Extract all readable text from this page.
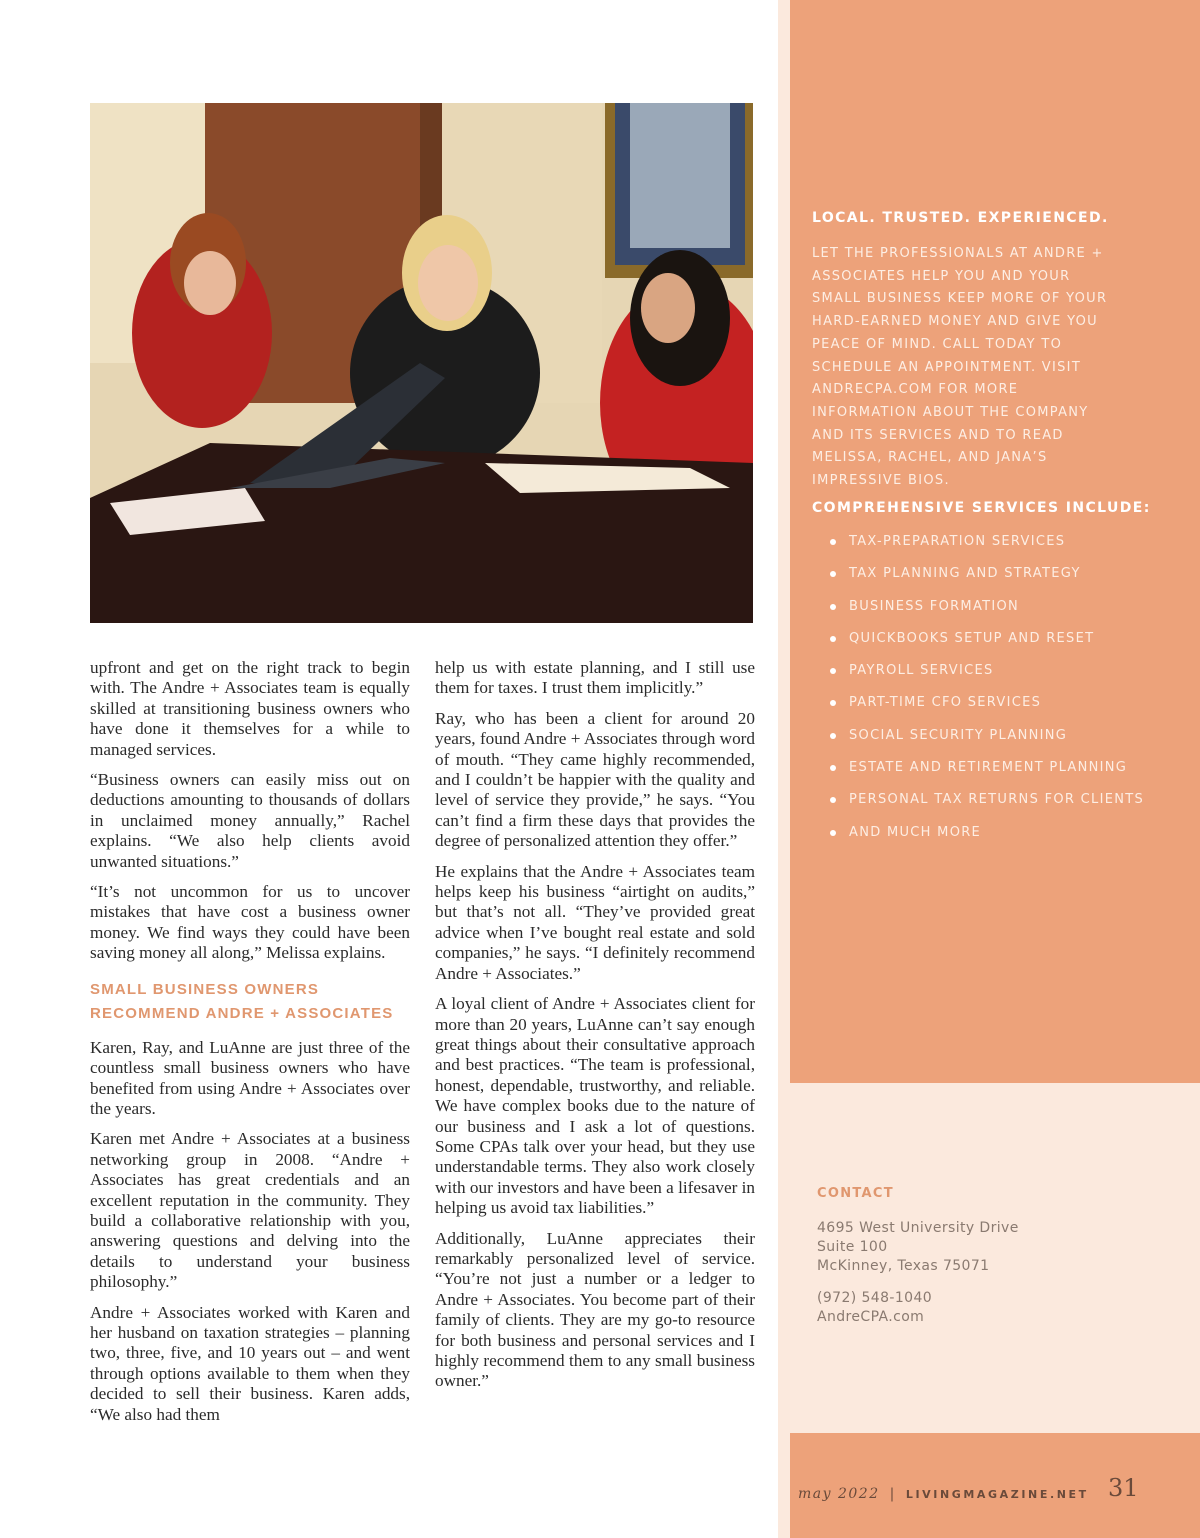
upfront and get on the right track to begin with. The Andre + Associates team is equally skilled at transitioning business owners who have done it themselves for a while to managed services.

“Business owners can easily miss out on deductions amounting to thousands of dollars in unclaimed money annually,” Rachel explains. “We also help clients avoid unwanted situations.”

“It’s not uncommon for us to uncover mistakes that have cost a business owner money. We find ways they could have been saving money all along,” Melissa explains.

SMALL BUSINESS OWNERS RECOMMEND ANDRE + ASSOCIATES

Karen, Ray, and LuAnne are just three of the countless small business owners who have benefited from using Andre + Associates over the years.

Karen met Andre + Associates at a business networking group in 2008. “Andre + Associates has great credentials and an excellent reputation in the community. They build a collaborative relationship with you, answering questions and delving into the details to understand your business philosophy.”

Andre + Associates worked with Karen and her husband on taxation strategies – planning two, three, five, and 10 years out – and went through options available to them when they decided to sell their business. Karen adds, “We also had them

help us with estate planning, and I still use them for taxes. I trust them implicitly.”

Ray, who has been a client for around 20 years, found Andre + Associates through word of mouth. “They came highly recommended, and I couldn’t be happier with the quality and level of service they provide,” he says. “You can’t find a firm these days that provides the degree of personalized attention they offer.”

He explains that the Andre + Associates team helps keep his business “airtight on audits,” but that’s not all. “They’ve provided great advice when I’ve bought real estate and sold companies,” he says. “I definitely recommend Andre + Associates.”

A loyal client of Andre + Associates client for more than 20 years, LuAnne can’t say enough great things about their consultative approach and best practices. “The team is professional, honest, dependable, trustworthy, and reliable. We have complex books due to the nature of our business and I ask a lot of questions. Some CPAs talk over your head, but they use understandable terms. They also work closely with our investors and have been a lifesaver in helping us avoid tax liabilities.”

Additionally, LuAnne appreciates their remarkably personalized level of service. “You’re not just a number or a ledger to Andre + Associates. You become part of their family of clients. They are my go-to resource for both business and personal services and I highly recommend them to any small business owner.”

LOCAL. TRUSTED. EXPERIENCED.
LET THE PROFESSIONALS AT ANDRE + ASSOCIATES HELP YOU AND YOUR SMALL BUSINESS KEEP MORE OF YOUR HARD-EARNED MONEY AND GIVE YOU PEACE OF MIND. CALL TODAY TO SCHEDULE AN APPOINTMENT. VISIT ANDRECPA.COM FOR MORE INFORMATION ABOUT THE COMPANY AND ITS SERVICES AND TO READ MELISSA, RACHEL, AND JANA’S IMPRESSIVE BIOS.
COMPREHENSIVE SERVICES INCLUDE:
TAX-PREPARATION SERVICES
TAX PLANNING AND STRATEGY
BUSINESS FORMATION
QUICKBOOKS SETUP AND RESET
PAYROLL SERVICES
PART-TIME CFO SERVICES
SOCIAL SECURITY PLANNING
ESTATE AND RETIREMENT PLANNING
PERSONAL TAX RETURNS FOR CLIENTS
AND MUCH MORE
CONTACT
4695 West University Drive
Suite 100
McKinney, Texas 75071
(972) 548-1040
AndreCPA.com
may 2022 | LIVINGMAGAZINE.NET 31
